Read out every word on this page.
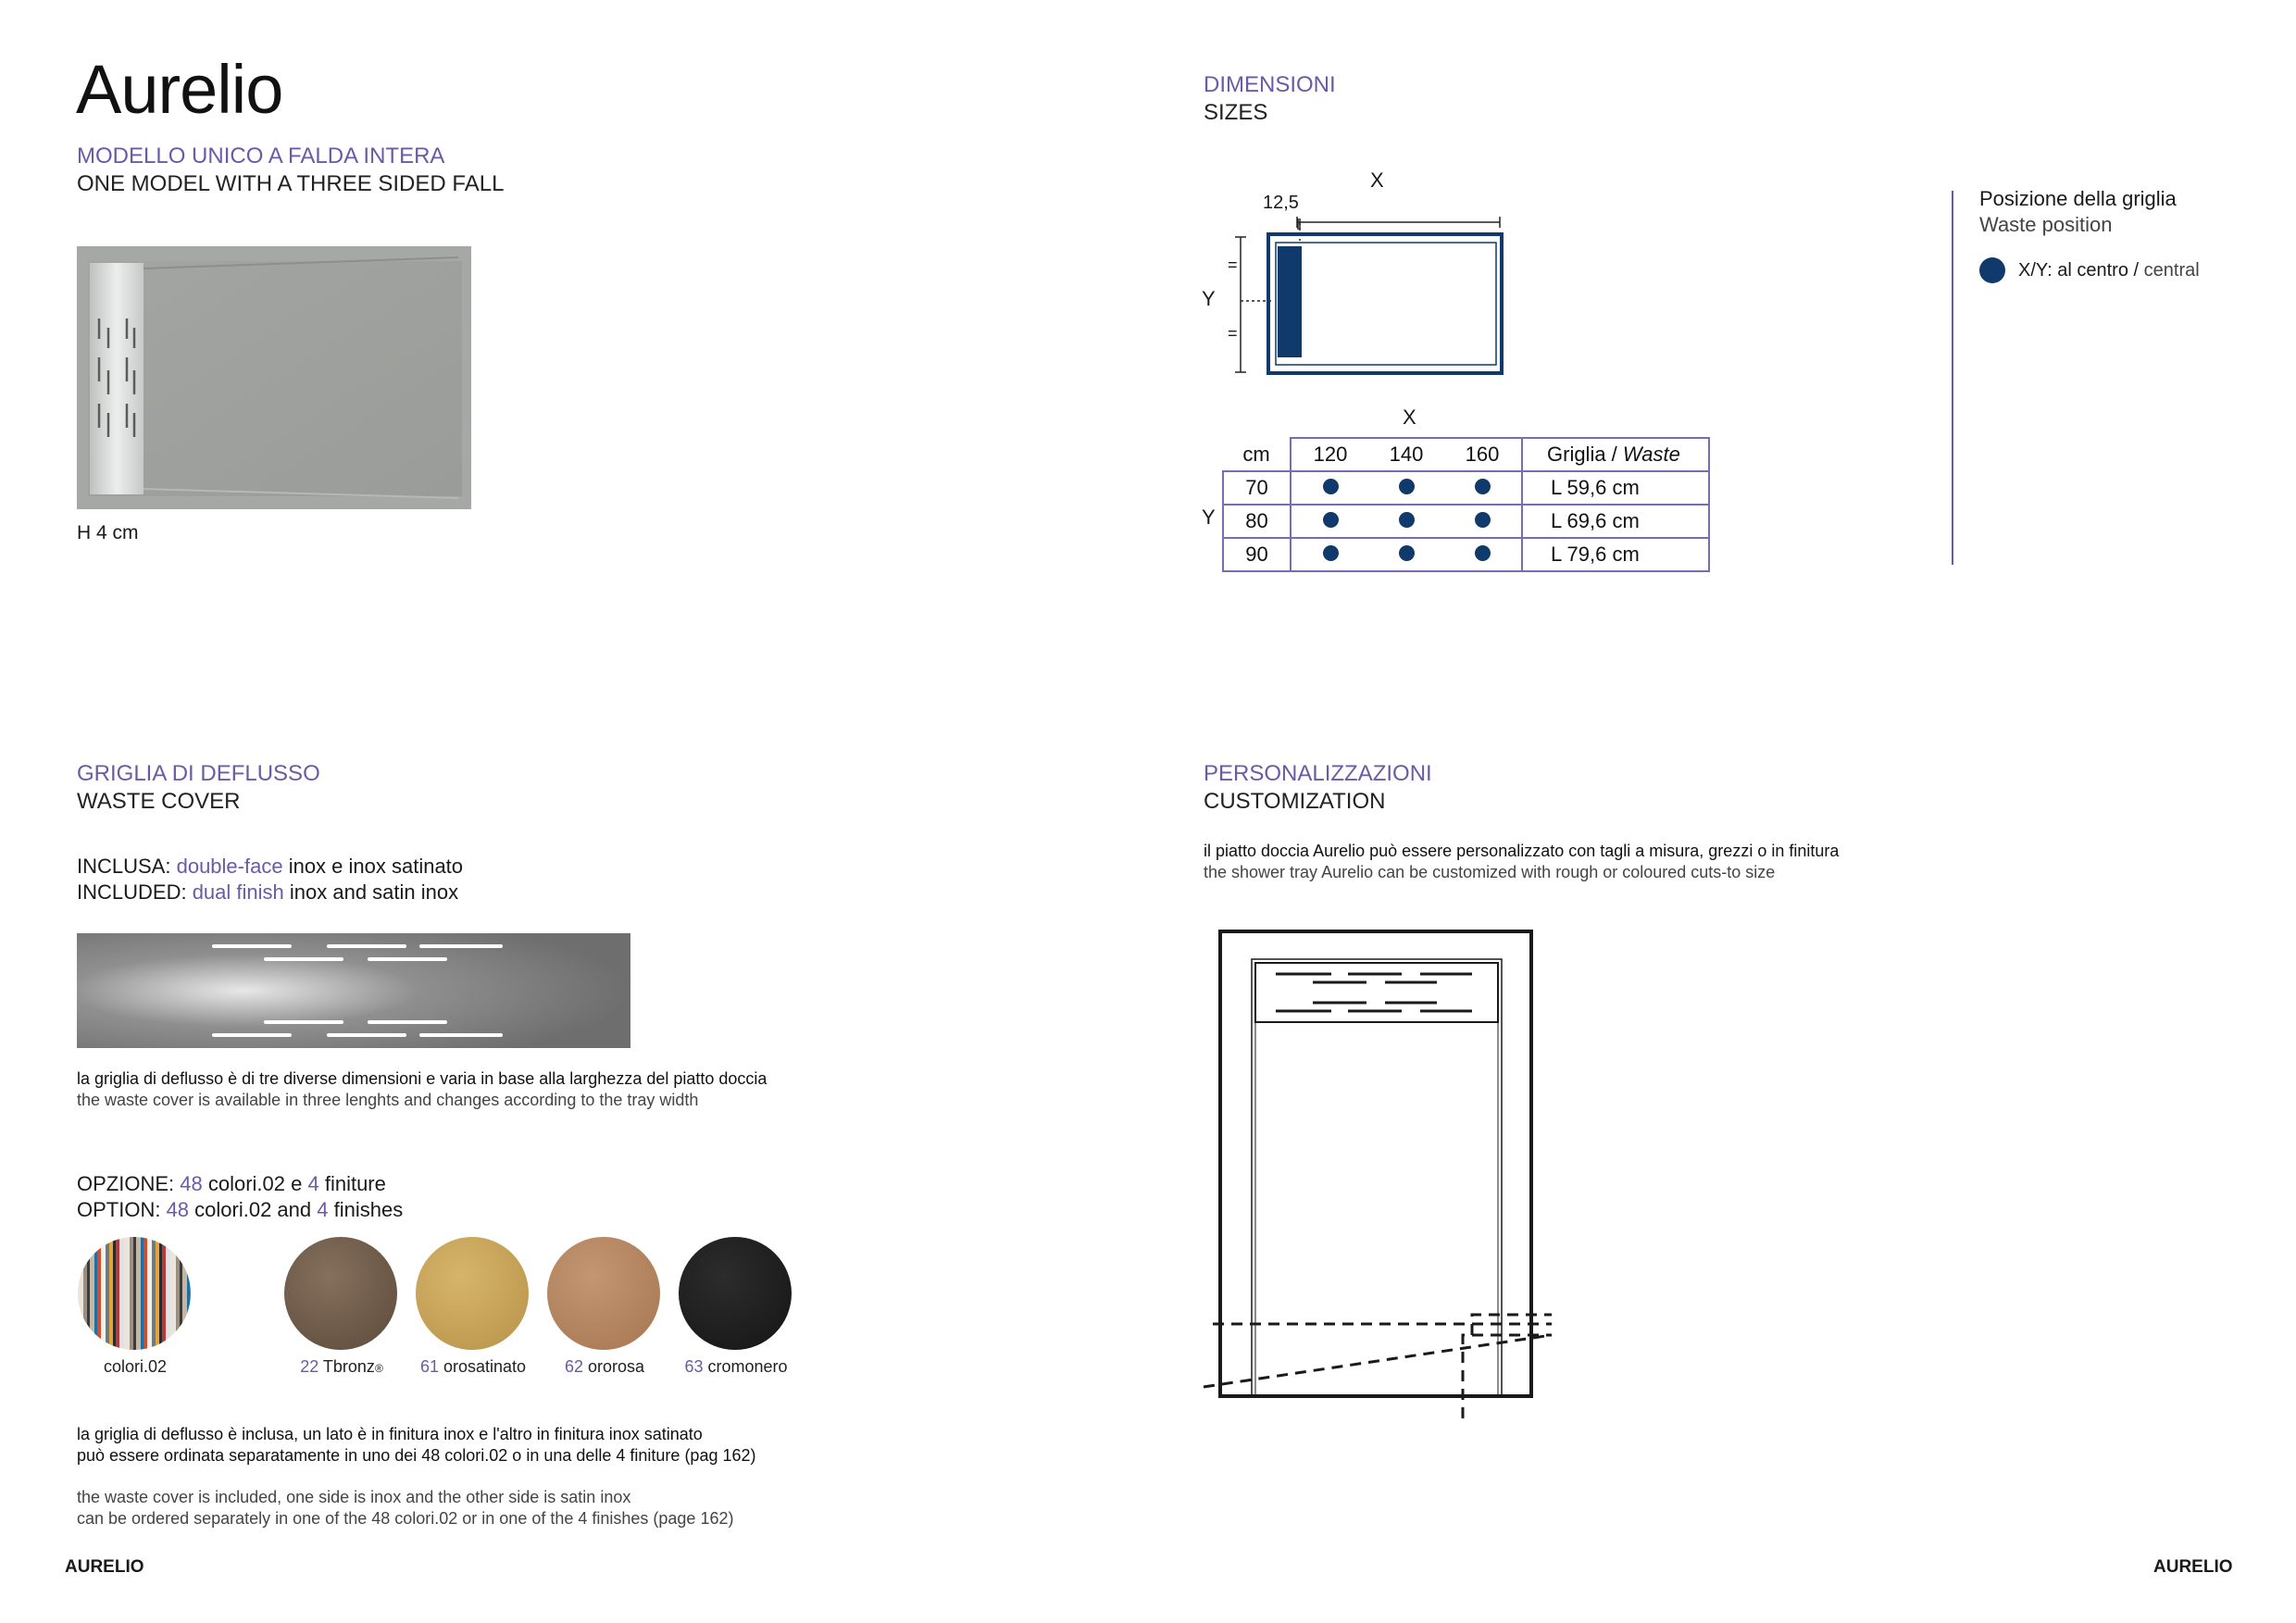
Aurelio
MODELLO UNICO A FALDA INTERA
ONE MODEL WITH A THREE SIDED FALL
H 4 cm
GRIGLIA DI DEFLUSSO
WASTE COVER
INCLUSA: double-face inox e inox satinato
INCLUDED: dual finish inox and satin inox
la griglia di deflusso è di tre diverse dimensioni e varia in base alla larghezza del piatto doccia
the waste cover is available in three lenghts and changes according to the tray width
OPZIONE: 48 colori.02 e 4 finiture
OPTION: 48 colori.02 and 4 finishes
colori.02	22 Tbronz®	61 orosatinato	62 ororosa	63 cromonero
la griglia di deflusso è inclusa, un lato è in finitura inox e l'altro in finitura inox satinato
può essere ordinata separatamente in uno dei 48 colori.02 o in una delle 4 finiture (pag 162)
the waste cover is included, one side is inox and the other side is satin inox
can be ordered separately in one of the 48 colori.02 or in one of the 4 finishes (page 162)
AURELIO
DIMENSIONI
SIZES
X
12,5
Y
=
=
X
Y
cm	120	140	160	Griglia / Waste
70				L 59,6 cm
80				L 69,6 cm
90				L 79,6 cm
Posizione della griglia
Waste position
X/Y: al centro / central
PERSONALIZZAZIONI
CUSTOMIZATION
il piatto doccia Aurelio può essere personalizzato con tagli a misura, grezzi o in finitura
the shower tray Aurelio can be customized with rough or coloured cuts-to size
AURELIO
